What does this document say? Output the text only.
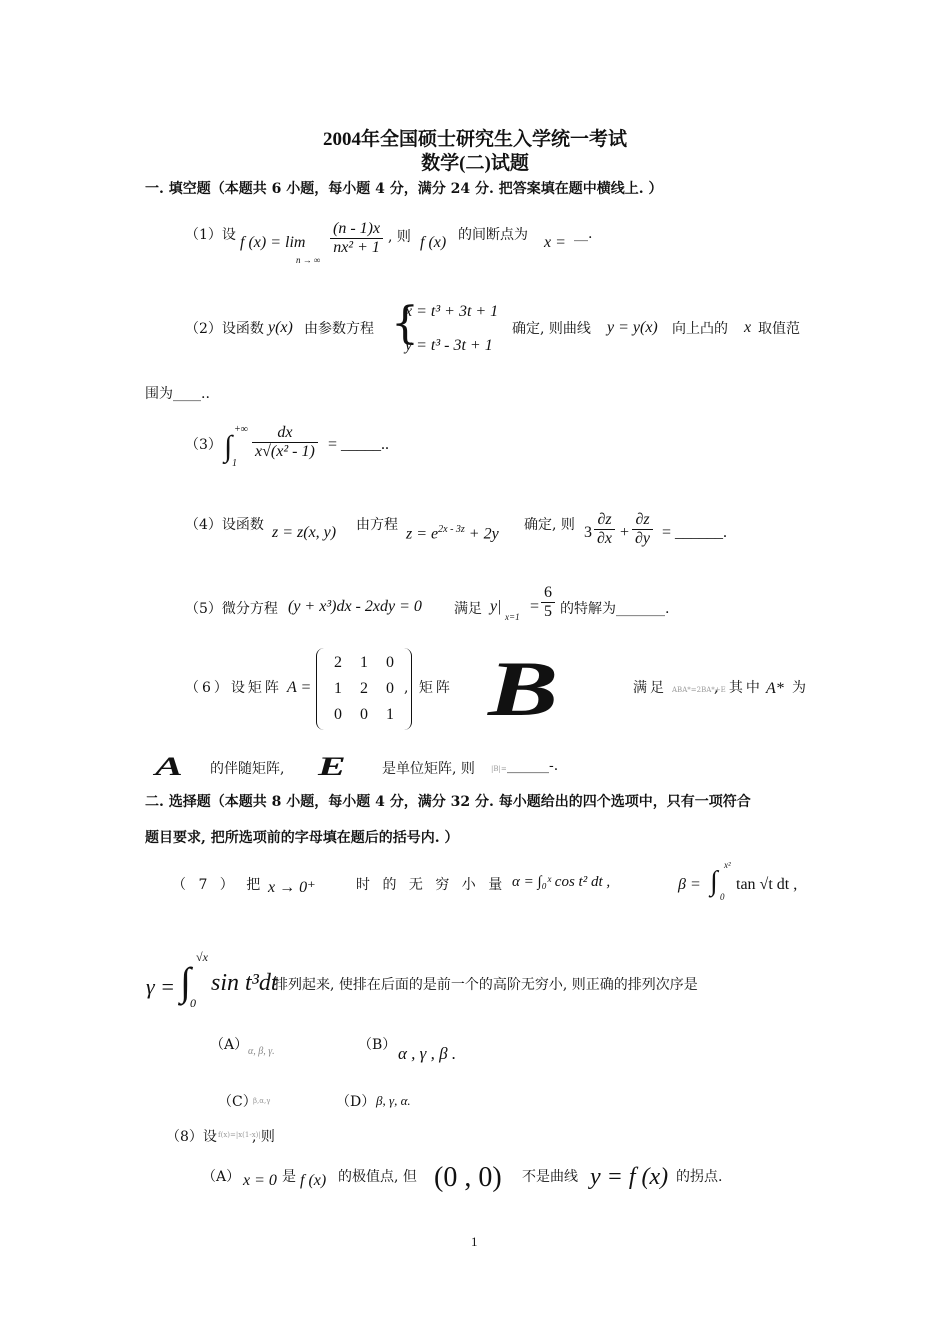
2004年全国硕士研究生入学统一考试
数学(二)试题
一. 填空题（本题共 6 小题，每小题 4 分，满分 24 分. 把答案填在题中横线上. ）
（1）设 f (x) = lim
n → ∞
$\frac{(n - 1)x}{\text{nx² + 1}}$ , 则 f (x) 的间断点为 x = __.
（2）设函数 y(x) 由参数方程 {
x = t³ + 3t + 1
y = t³ - 3t + 1
确定, 则曲线 y = y(x) 向上凸的 x 取值范
围为____..
（3） ∫
+∞
1
$\frac{dx}{\text{x√(x² - 1)}}$ = _____..
（4）设函数 z = z(x, y) 由方程
$z = e^{2x - 3z} + 2y$
确定, 则 $3 \frac{\partial z}{\partial x} + \frac{\partial z}{\partial y}$ = ______.
（5）微分方程 (y + x³)dx - 2xdy = 0 满足 y|
x=1
= $\frac{6}{5}$ 的特解为_______.
（6）设矩阵 A =
2	1	0
1	2	0
0	0	1
, 矩阵 B	满足 ABA*=2BA*+E
, 其中 A* 为
A 的伴随矩阵, E	是单位矩阵, 则 |B|= ______-.
二. 选择题（本题共 8 小题，每小题 4 分，满分 32 分. 每小题给出的四个选项中，只有一项符合
题目要求, 把所选项前的字母填在题后的括号内. ）
（ 7 ） 把 x → 0⁺	时 的 无 穷 小 量 α = ∫₀ˣ cos t² dt ,	β = ∫
x²
0
tan √t dt ,
γ = ∫
√x
0
sin t³dt
排列起来, 使排在后面的是前一个的高阶无穷小, 则正确的排列次序是
（A） α, β, γ.	（B） α , γ , β .
（C）
β,α,γ	（D） β, γ, α.
（8）设 f(x)=|x(1-x)|
, 则
（A） x = 0 是 f (x) 的极值点, 但 (0 , 0) 不是曲线 y = f (x) 的拐点.
1
